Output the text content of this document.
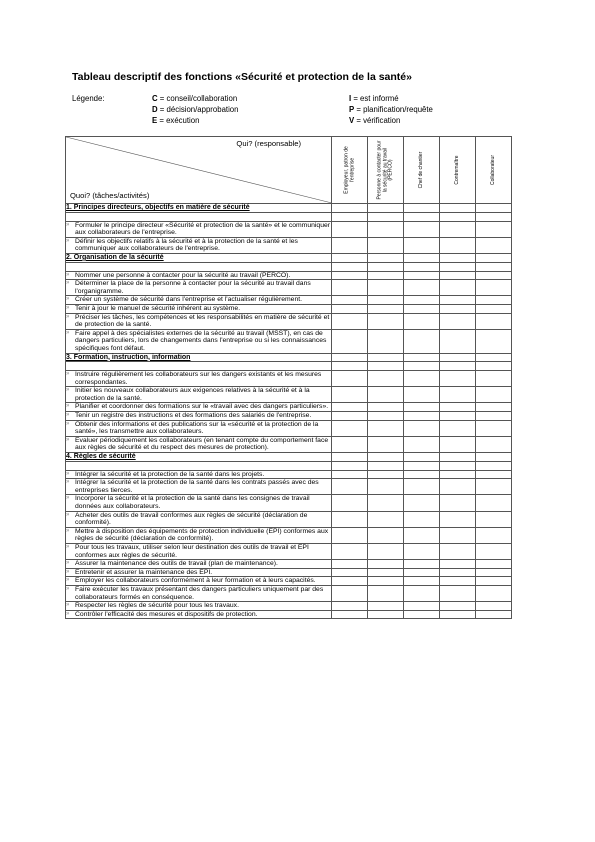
Tableau descriptif des fonctions «Sécurité et protection de la santé»
Légende:	C = conseil/collaboration
D = décision/approbation
E = exécution
I = est informé
P = planification/requête
V = vérification
Qui? (responsable)
Quoi? (tâches/activités)	Employeur, patron de l'entreprise	Personne à contacter pour la sécurité au travail (PERCO)	Chef de chantier	Contremaître	Collaborateur

1. Principes directeurs, objectifs en matière de sécurité					

» Formuler le principe directeur «Sécurité et protection de la santé» et le communiquer aux collaborateurs de l'entreprise.					

» Définir les objectifs relatifs à la sécurité et à la protection de la santé et les communiquer aux collaborateurs de l'entreprise.					

2. Organisation de la sécurité					

» Nommer une personne à contacter pour la sécurité au travail (PERCO).					

» Déterminer la place de la personne à contacter pour la sécurité au travail dans l'organigramme.					

» Créer un système de sécurité dans l'entreprise et l'actualiser régulièrement.					

» Tenir à jour le manuel de sécurité inhérent au système.					

» Préciser les tâches, les compétences et les responsabilités en matière de sécurité et de protection de la santé.					

» Faire appel à des spécialistes externes de la sécurité au travail (MSST), en cas de dangers particuliers, lors de changements dans l'entreprise ou si les connaissances spécifiques font défaut.					

3. Formation, instruction, information					

» Instruire régulièrement les collaborateurs sur les dangers existants et les mesures correspondantes.					

» Initier les nouveaux collaborateurs aux exigences relatives à la sécurité et à la protection de la santé.					

» Planifier et coordonner des formations sur le «travail avec des dangers particuliers».					

» Tenir un registre des instructions et des formations des salariés de l'entreprise.					

» Obtenir des informations et des publications sur la «sécurité et la protection de la santé», les transmettre aux collaborateurs.					

» Evaluer périodiquement les collaborateurs (en tenant compte du comportement face aux règles de sécurité et du respect des mesures de protection).					

4. Règles de sécurité					

» Intégrer la sécurité et la protection de la santé dans les projets.					

» Intégrer la sécurité et la protection de la santé dans les contrats passés avec des entreprises tierces.					

» Incorporer la sécurité et la protection de la santé dans les consignes de travail données aux collaborateurs.					

» Acheter des outils de travail conformes aux règles de sécurité (déclaration de conformité).					

» Mettre à disposition des équipements de protection individuelle (EPI) conformes aux règles de sécurité (déclaration de conformité).					

» Pour tous les travaux, utiliser selon leur destination des outils de travail et EPI conformes aux règles de sécurité.					

» Assurer la maintenance des outils de travail (plan de maintenance).					

» Entretenir et assurer la maintenance des EPI.					

» Employer les collaborateurs conformément à leur formation et à leurs capacités.					

» Faire exécuter les travaux présentant des dangers particuliers uniquement par des collaborateurs formés en conséquence.					

» Respecter les règles de sécurité pour tous les travaux.					

» Contrôler l'efficacité des mesures et dispositifs de protection.					
